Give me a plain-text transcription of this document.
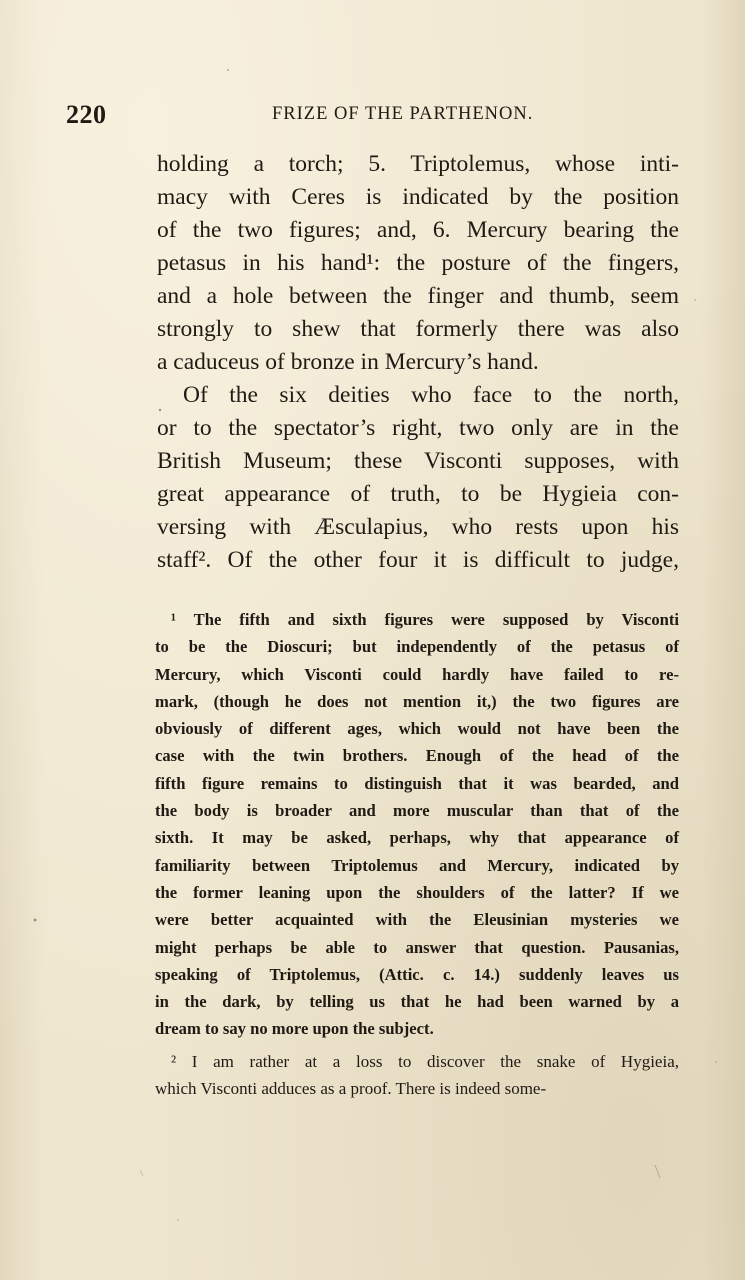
220	FRIZE OF THE PARTHENON.
holding a torch; 5. Triptolemus, whose inti-
macy with Ceres is indicated by the position
of the two figures; and, 6. Mercury bearing the
petasus in his hand¹: the posture of the fingers,
and a hole between the finger and thumb, seem
strongly to shew that formerly there was also
a caduceus of bronze in Mercury’s hand.
Of the six deities who face to the north,
or to the spectator’s right, two only are in the
British Museum; these Visconti supposes, with
great appearance of truth, to be Hygieia con-
versing with Æsculapius, who rests upon his
staff². Of the other four it is difficult to judge,
¹ The fifth and sixth figures were supposed by Visconti
to be the Dioscuri; but independently of the petasus of
Mercury, which Visconti could hardly have failed to re-
mark, (though he does not mention it,) the two figures are
obviously of different ages, which would not have been the
case with the twin brothers. Enough of the head of the
fifth figure remains to distinguish that it was bearded, and
the body is broader and more muscular than that of the
sixth. It may be asked, perhaps, why that appearance of
familiarity between Triptolemus and Mercury, indicated by
the former leaning upon the shoulders of the latter? If we
were better acquainted with the Eleusinian mysteries we
might perhaps be able to answer that question. Pausanias,
speaking of Triptolemus, (Attic. c. 14.) suddenly leaves us
in the dark, by telling us that he had been warned by a
dream to say no more upon the subject.
² I am rather at a loss to discover the snake of Hygieia,
which Visconti adduces as a proof. There is indeed some-
